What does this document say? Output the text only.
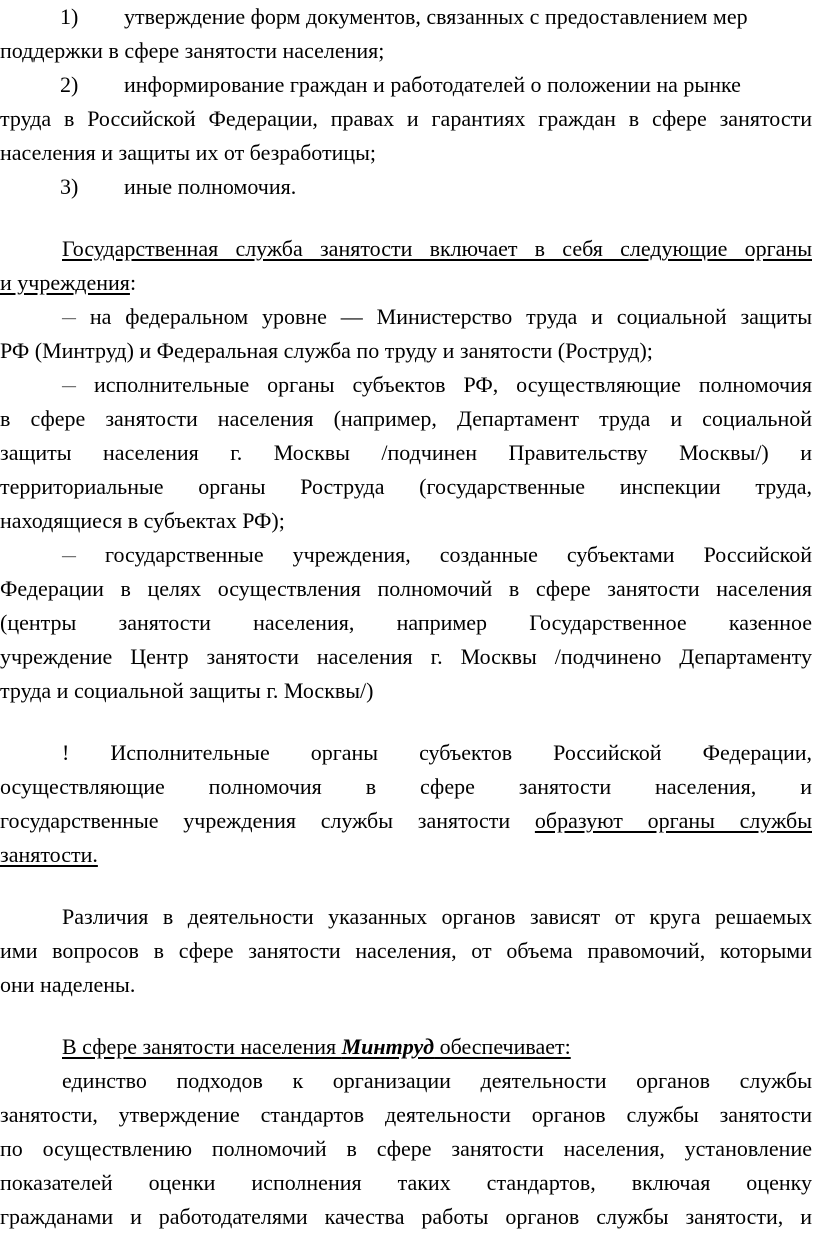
1) утверждение форм документов, связанных с предоставлением мер
поддержки в сфере занятости населения;
2) информирование граждан и работодателей о положении на рынке
труда в Российской Федерации, правах и гарантиях граждан в сфере занятости
населения и защиты их от безработицы;
3) иные полномочия.
Государственная служба занятости включает в себя следующие органы
и учреждения:
— на федеральном уровне — Министерство труда и социальной защиты
РФ (Минтруд) и Федеральная служба по труду и занятости (Роструд);
— исполнительные органы субъектов РФ, осуществляющие полномочия
в сфере занятости населения (например, Департамент труда и социальной
защиты населения г. Москвы /подчинен Правительству Москвы/) и
территориальные органы Роструда (государственные инспекции труда,
находящиеся в субъектах РФ);
— государственные учреждения, созданные субъектами Российской
Федерации в целях осуществления полномочий в сфере занятости населения
(центры занятости населения, например Государственное казенное
учреждение Центр занятости населения г. Москвы /подчинено Департаменту
труда и социальной защиты г. Москвы/)
! Исполнительные органы субъектов Российской Федерации,
осуществляющие полномочия в сфере занятости населения, и
государственные учреждения службы занятости образуют органы службы
занятости.
Различия в деятельности указанных органов зависят от круга решаемых
ими вопросов в сфере занятости населения, от объема правомочий, которыми
они наделены.
В сфере занятости населения Минтруд обеспечивает:
единство подходов к организации деятельности органов службы
занятости, утверждение стандартов деятельности органов службы занятости
по осуществлению полномочий в сфере занятости населения, установление
показателей оценки исполнения таких стандартов, включая оценку
гражданами и работодателями качества работы органов службы занятости, и
